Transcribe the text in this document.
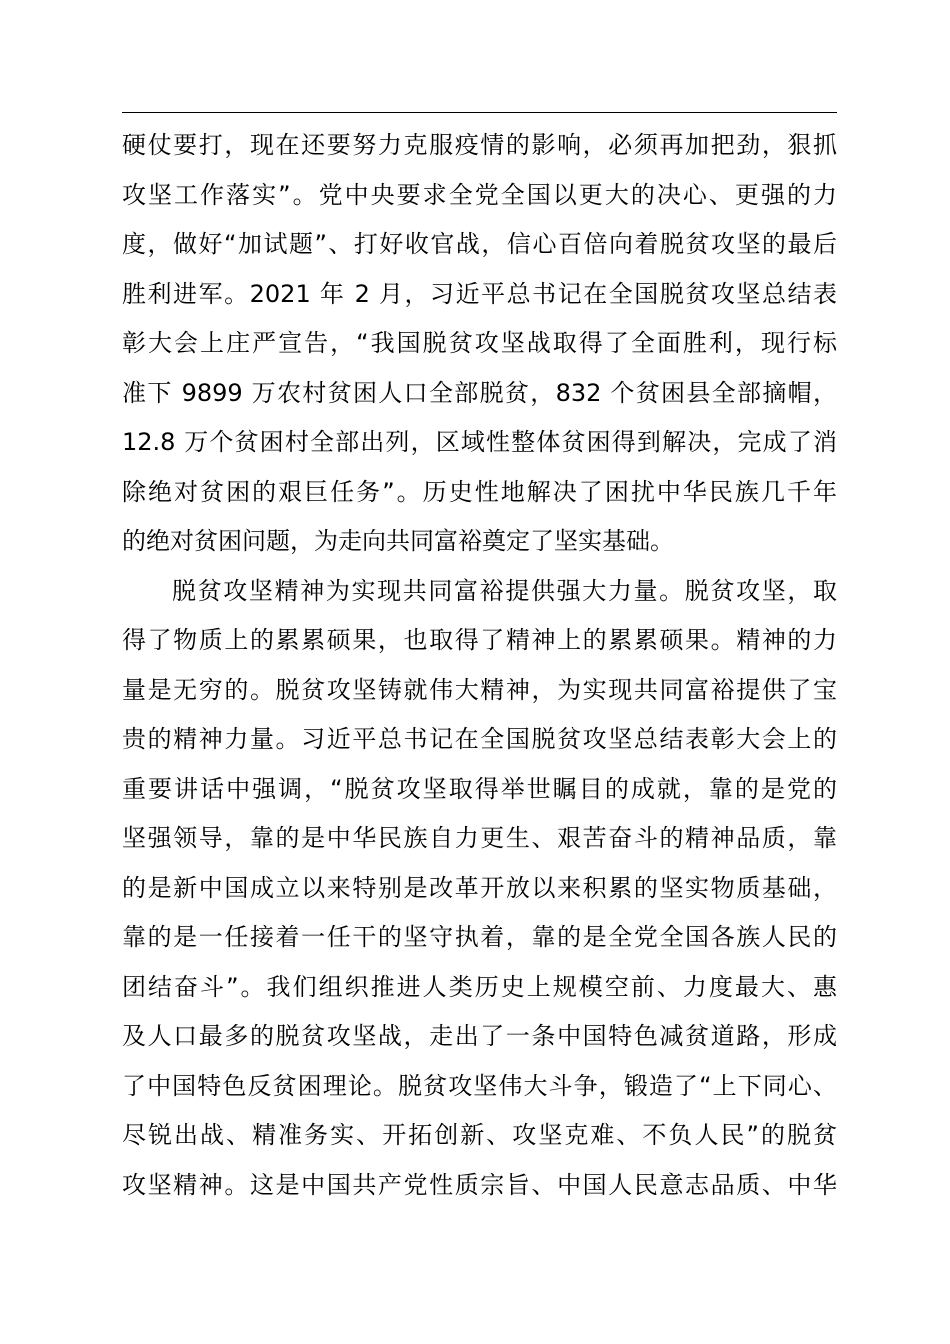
硬仗要打，现在还要努力克服疫情的影响，必须再加把劲，狠抓
攻坚工作落实”。党中央要求全党全国以更大的决心、更强的力
度，做好“加试题”、打好收官战，信心百倍向着脱贫攻坚的最后
胜利进军。2021 年 2 月，习近平总书记在全国脱贫攻坚总结表
彰大会上庄严宣告，“我国脱贫攻坚战取得了全面胜利，现行标
准下 9899 万农村贫困人口全部脱贫，832 个贫困县全部摘帽，
12.8 万个贫困村全部出列，区域性整体贫困得到解决，完成了消
除绝对贫困的艰巨任务”。历史性地解决了困扰中华民族几千年
的绝对贫困问题，为走向共同富裕奠定了坚实基础。
脱贫攻坚精神为实现共同富裕提供强大力量。脱贫攻坚，取
得了物质上的累累硕果，也取得了精神上的累累硕果。精神的力
量是无穷的。脱贫攻坚铸就伟大精神，为实现共同富裕提供了宝
贵的精神力量。习近平总书记在全国脱贫攻坚总结表彰大会上的
重要讲话中强调，“脱贫攻坚取得举世瞩目的成就，靠的是党的
坚强领导，靠的是中华民族自力更生、艰苦奋斗的精神品质，靠
的是新中国成立以来特别是改革开放以来积累的坚实物质基础，
靠的是一任接着一任干的坚守执着，靠的是全党全国各族人民的
团结奋斗”。我们组织推进人类历史上规模空前、力度最大、惠
及人口最多的脱贫攻坚战，走出了一条中国特色减贫道路，形成
了中国特色反贫困理论。脱贫攻坚伟大斗争，锻造了“上下同心、
尽锐出战、精准务实、开拓创新、攻坚克难、不负人民”的脱贫
攻坚精神。这是中国共产党性质宗旨、中国人民意志品质、中华
